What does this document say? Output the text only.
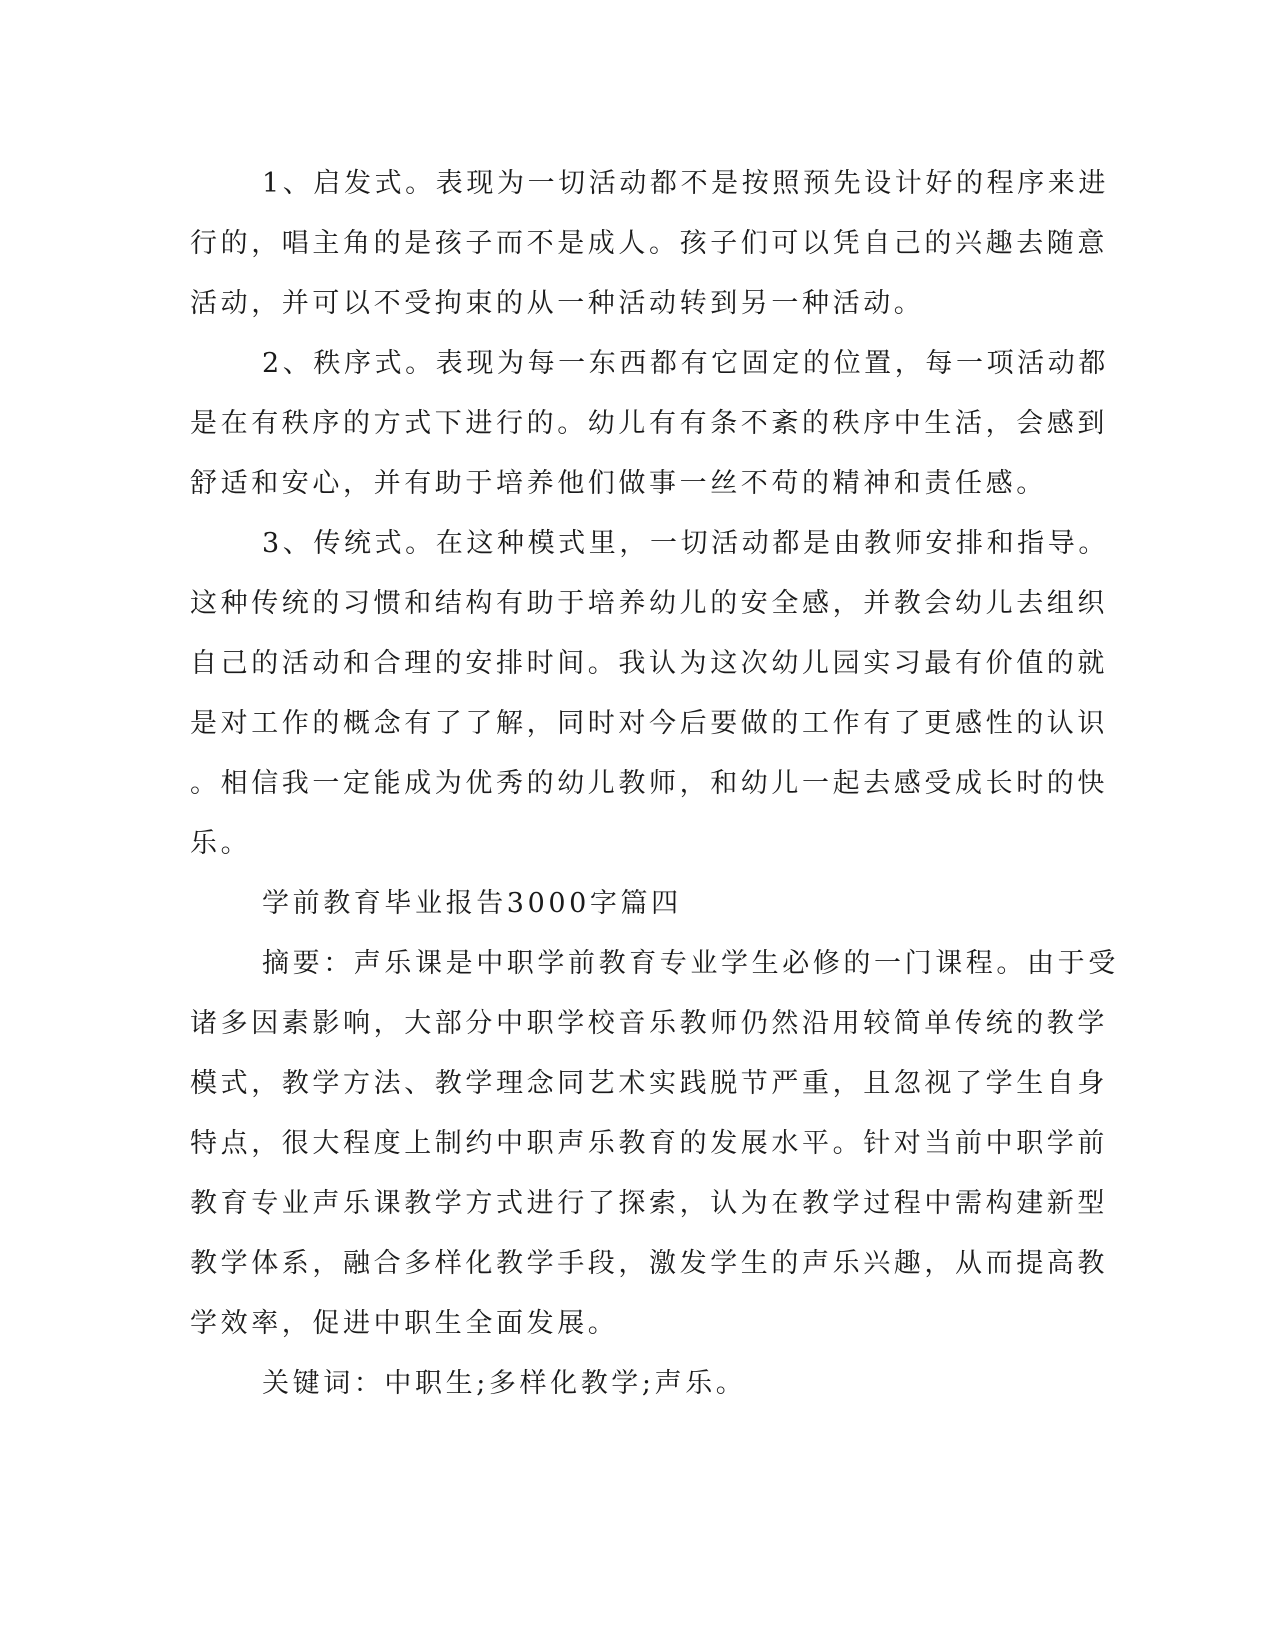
1、启发式。表现为一切活动都不是按照预先设计好的程序来进
行的，唱主角的是孩子而不是成人。孩子们可以凭自己的兴趣去随意
活动，并可以不受拘束的从一种活动转到另一种活动。
2、秩序式。表现为每一东西都有它固定的位置，每一项活动都
是在有秩序的方式下进行的。幼儿有有条不紊的秩序中生活，会感到
舒适和安心，并有助于培养他们做事一丝不苟的精神和责任感。
3、传统式。在这种模式里，一切活动都是由教师安排和指导。
这种传统的习惯和结构有助于培养幼儿的安全感，并教会幼儿去组织
自己的活动和合理的安排时间。我认为这次幼儿园实习最有价值的就
是对工作的概念有了了解，同时对今后要做的工作有了更感性的认识
。相信我一定能成为优秀的幼儿教师，和幼儿一起去感受成长时的快
乐。
学前教育毕业报告3000字篇四
摘要：声乐课是中职学前教育专业学生必修的一门课程。由于受
诸多因素影响，大部分中职学校音乐教师仍然沿用较简单传统的教学
模式，教学方法、教学理念同艺术实践脱节严重，且忽视了学生自身
特点，很大程度上制约中职声乐教育的发展水平。针对当前中职学前
教育专业声乐课教学方式进行了探索，认为在教学过程中需构建新型
教学体系，融合多样化教学手段，激发学生的声乐兴趣，从而提高教
学效率，促进中职生全面发展。
关键词：中职生;多样化教学;声乐。
